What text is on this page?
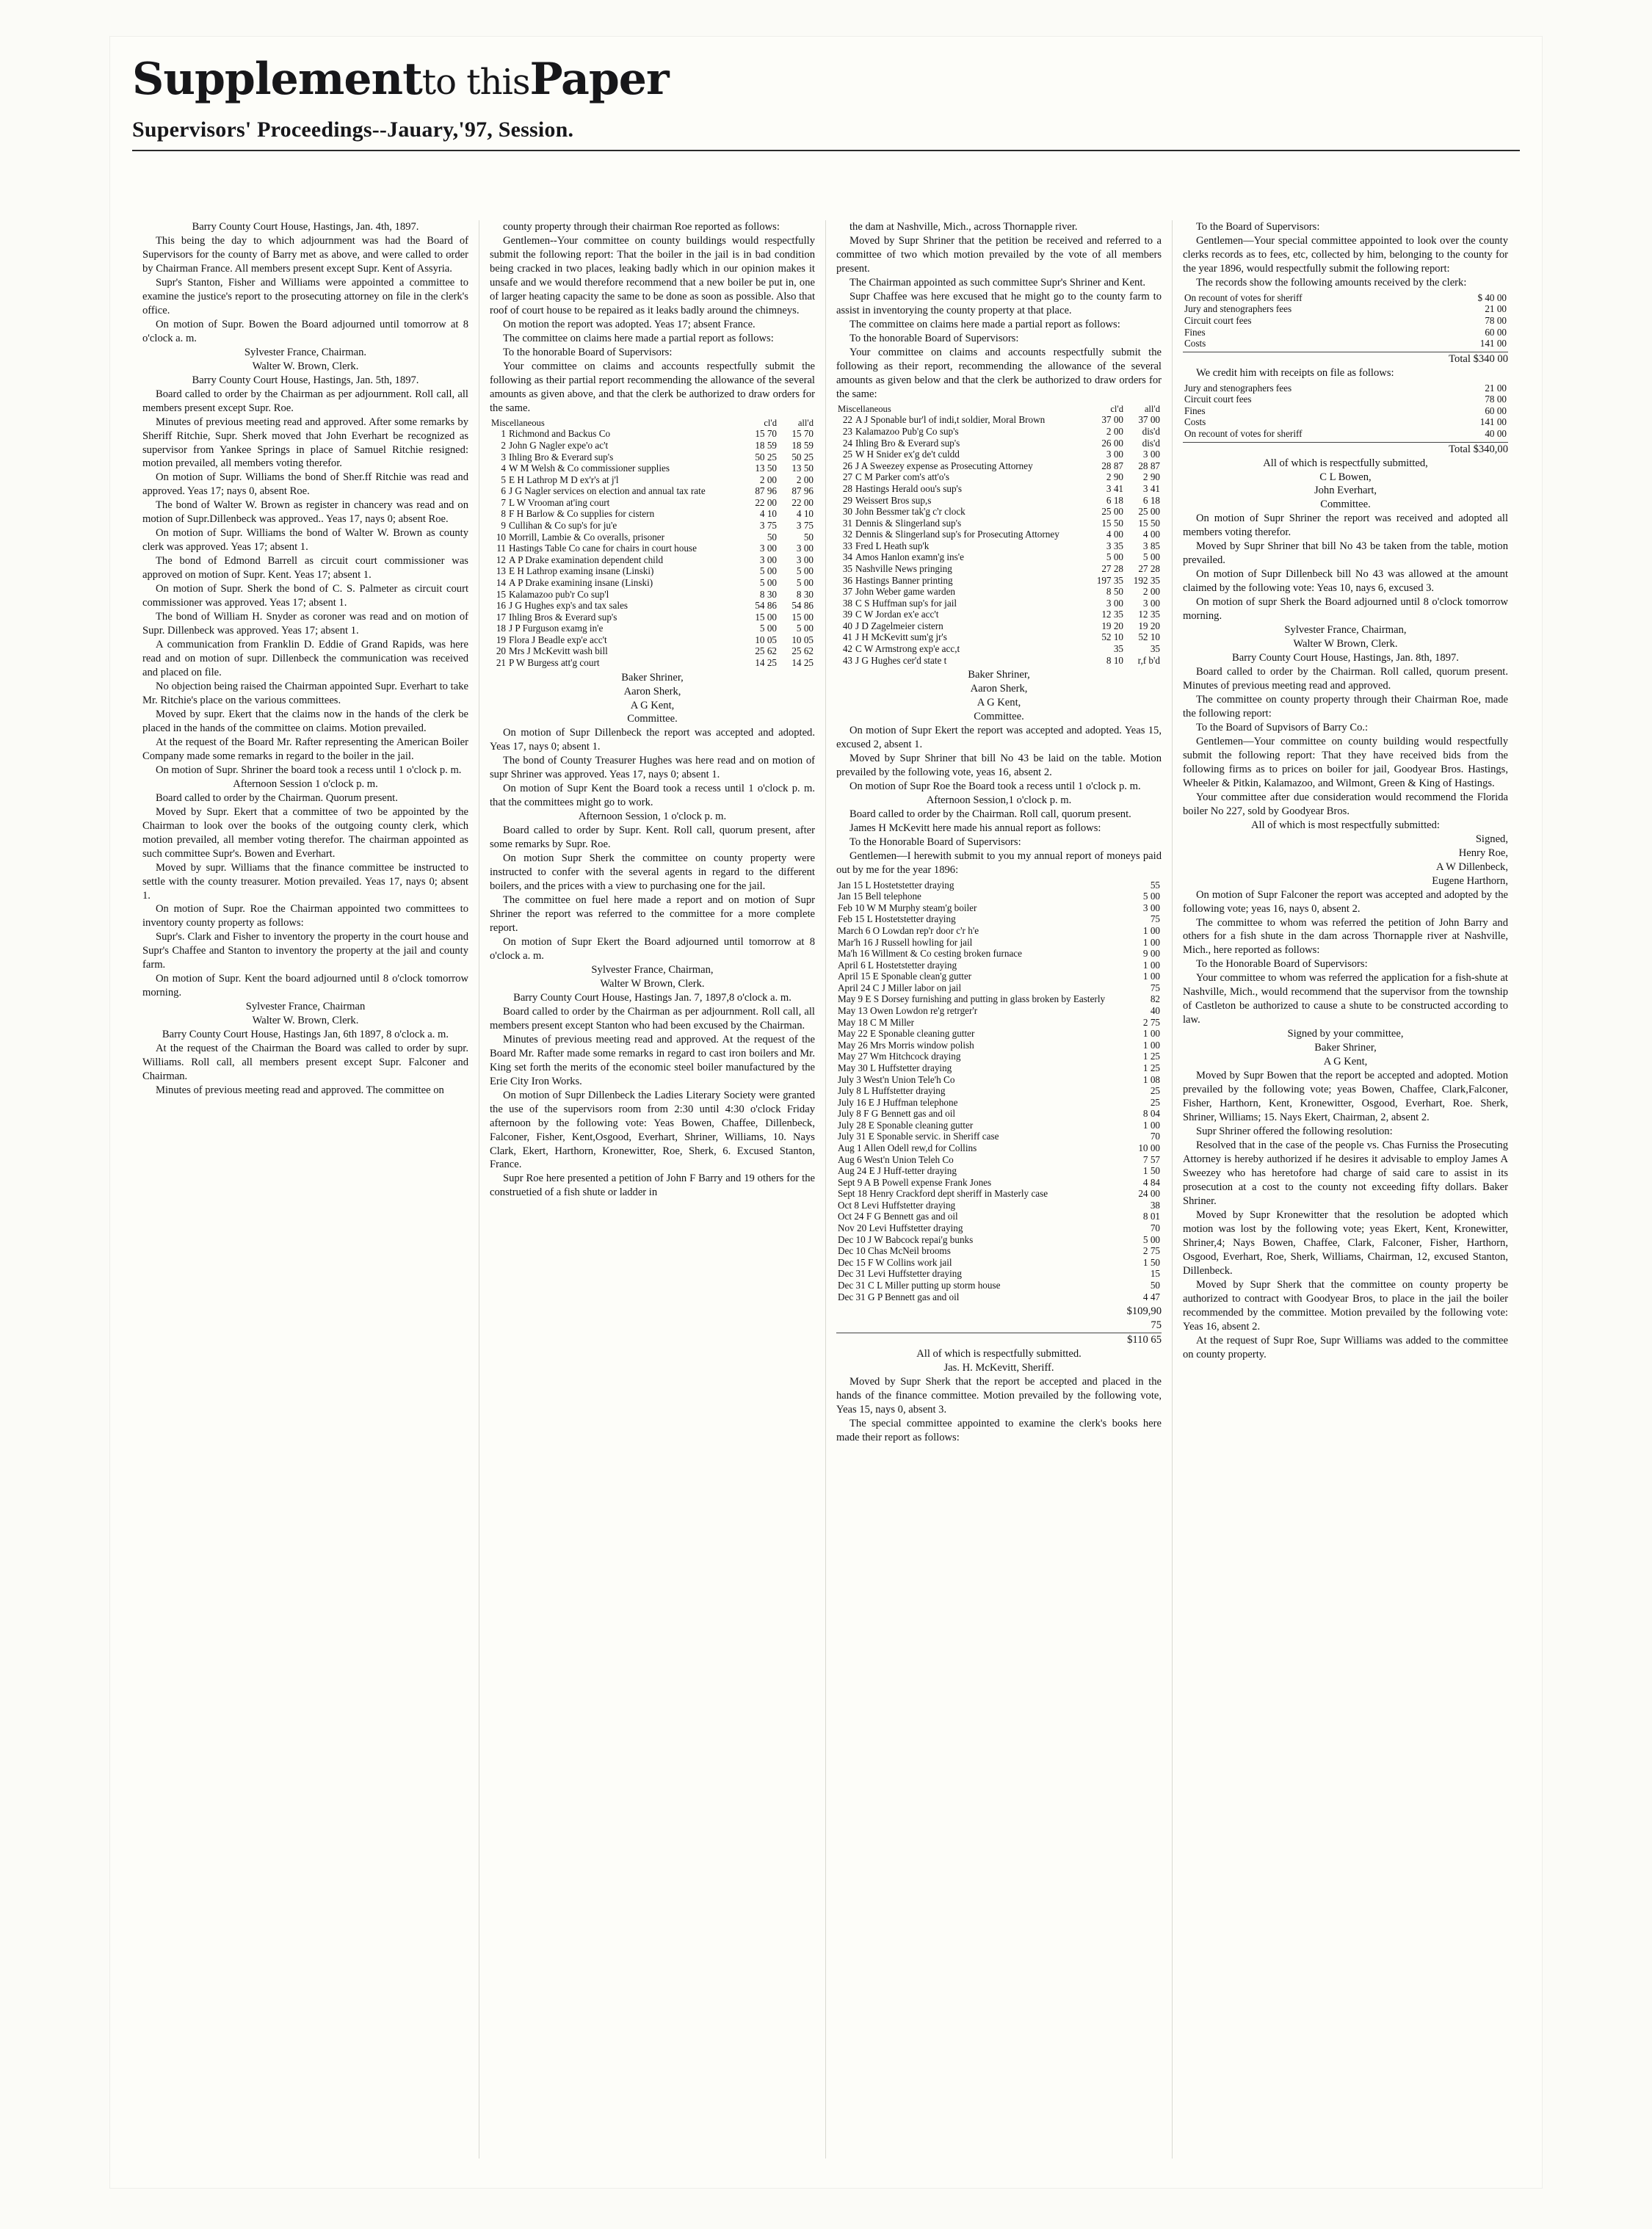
Supplementto thisPaper
Supervisors' Proceedings--Jauary,'97, Session.

Barry County Court House, Hastings, Jan. 4th, 1897.

This being the day to which adjournment was had the Board of Supervisors for the county of Barry met as above, and were called to order by Chairman France. All members present except Supr. Kent of Assyria.

Supr's Stanton, Fisher and Williams were appointed a committee to examine the justice's report to the prosecuting attorney on file in the clerk's office.

On motion of Supr. Bowen the Board adjourned until tomorrow at 8 o'clock a. m.

Sylvester France, Chairman.

Walter W. Brown, Clerk.

Barry County Court House, Hastings, Jan. 5th, 1897.

Board called to order by the Chairman as per adjournment. Roll call, all members present except Supr. Roe.

Minutes of previous meeting read and approved. After some remarks by Sheriff Ritchie, Supr. Sherk moved that John Everhart be recognized as supervisor from Yankee Springs in place of Samuel Ritchie resigned: motion prevailed, all members voting therefor.

On motion of Supr. Williams the bond of Sher.ff Ritchie was read and approved. Yeas 17; nays 0, absent Roe.

The bond of Walter W. Brown as register in chancery was read and on motion of Supr.Dillenbeck was approved.. Yeas 17, nays 0; absent Roe.

On motion of Supr. Williams the bond of Walter W. Brown as county clerk was approved. Yeas 17; absent 1.

The bond of Edmond Barrell as circuit court commissioner was approved on motion of Supr. Kent. Yeas 17; absent 1.

On motion of Supr. Sherk the bond of C. S. Palmeter as circuit court commissioner was approved. Yeas 17; absent 1.

The bond of William H. Snyder as coroner was read and on motion of Supr. Dillenbeck was approved. Yeas 17; absent 1.

A communication from Franklin D. Eddie of Grand Rapids, was here read and on motion of supr. Dillenbeck the communication was received and placed on file.

No objection being raised the Chairman appointed Supr. Everhart to take Mr. Ritchie's place on the various committees.

Moved by supr. Ekert that the claims now in the hands of the clerk be placed in the hands of the committee on claims. Motion prevailed.

At the request of the Board Mr. Rafter representing the American Boiler Company made some remarks in regard to the boiler in the jail.

On motion of Supr. Shriner the board took a recess until 1 o'clock p. m.

Afternoon Session 1 o'clock p. m.

Board called to order by the Chairman. Quorum present.

Moved by Supr. Ekert that a committee of two be appointed by the Chairman to look over the books of the outgoing county clerk, which motion prevailed, all member voting therefor. The chairman appointed as such committee Supr's. Bowen and Everhart.

Moved by supr. Williams that the finance committee be instructed to settle with the county treasurer. Motion prevailed. Yeas 17, nays 0; absent 1.

On motion of Supr. Roe the Chairman appointed two committees to inventory county property as follows:

Supr's. Clark and Fisher to inventory the property in the court house and Supr's Chaffee and Stanton to inventory the property at the jail and county farm.

On motion of Supr. Kent the board adjourned until 8 o'clock tomorrow morning.

Sylvester France, Chairman

Walter W. Brown, Clerk.

Barry County Court House, Hastings Jan, 6th 1897, 8 o'clock a. m.

At the request of the Chairman the Board was called to order by supr. Williams. Roll call, all members present except Supr. Falconer and Chairman.

Minutes of previous meeting read and approved. The committee on

county property through their chairman Roe reported as follows:

Gentlemen--Your committee on county buildings would respectfully submit the following report: That the boiler in the jail is in bad condition being cracked in two places, leaking badly which in our opinion makes it unsafe and we would therefore recommend that a new boiler be put in, one of larger heating capacity the same to be done as soon as possible. Also that roof of court house to be repaired as it leaks badly around the chimneys.

On motion the report was adopted. Yeas 17; absent France.

The committee on claims here made a partial report as follows:

To the honorable Board of Supervisors:

Your committee on claims and accounts respectfully submit the following as their partial report recommending the allowance of the several amounts as given above, and that the clerk be authorized to draw orders for the same.

Miscellaneous		cl'd	all'd
1	Richmond and Backus Co	15 70	15 70
2	John G Nagler expe'o ac't	18 59	18 59
3	Ihling Bro & Everard sup's	50 25	50 25
4	W M Welsh & Co commissioner supplies	13 50	13 50
5	E H Lathrop M D ex'r's at j'l	2 00	2 00
6	J G Nagler services on election and annual tax rate	87 96	87 96
7	L W Vrooman at'ing court	22 00	22 00
8	F H Barlow & Co supplies for cistern	4 10	4 10
9	Cullihan & Co sup's for ju'e	3 75	3 75
10	Morrill, Lambie & Co overalls, prisoner	50	50
11	Hastings Table Co cane for chairs in court house	3 00	3 00
12	A P Drake examination dependent child	3 00	3 00
13	E H Lathrop examing insane (Linski)	5 00	5 00
14	A P Drake examining insane (Linski)	5 00	5 00
15	Kalamazoo pub'r Co sup'l	8 30	8 30
16	J G Hughes exp's and tax sales	54 86	54 86
17	Ihling Bros & Everard sup's	15 00	15 00
18	J P Furguson examg in'e	5 00	5 00
19	Flora J Beadle exp'e acc't	10 05	10 05
20	Mrs J McKevitt wash bill	25 62	25 62
21	P W Burgess att'g court	14 25	14 25

Baker Shriner,

Aaron Sherk,

A G Kent,

Committee.

On motion of Supr Dillenbeck the report was accepted and adopted. Yeas 17, nays 0; absent 1.

The bond of County Treasurer Hughes was here read and on motion of supr Shriner was approved. Yeas 17, nays 0; absent 1.

On motion of Supr Kent the Board took a recess until 1 o'clock p. m. that the committees might go to work.

Afternoon Session, 1 o'clock p. m.

Board called to order by Supr. Kent. Roll call, quorum present, after some remarks by Supr. Roe.

On motion Supr Sherk the committee on county property were instructed to confer with the several agents in regard to the different boilers, and the prices with a view to purchasing one for the jail.

The committee on fuel here made a report and on motion of Supr Shriner the report was referred to the committee for a more complete report.

On motion of Supr Ekert the Board adjourned until tomorrow at 8 o'clock a. m.

Sylvester France, Chairman,

Walter W Brown, Clerk.

Barry County Court House, Hastings Jan. 7, 1897,8 o'clock a. m.

Board called to order by the Chairman as per adjournment. Roll call, all members present except Stanton who had been excused by the Chairman.

Minutes of previous meeting read and approved. At the request of the Board Mr. Rafter made some remarks in regard to cast iron boilers and Mr. King set forth the merits of the economic steel boiler manufactured by the Erie City Iron Works.

On motion of Supr Dillenbeck the Ladies Literary Society were granted the use of the supervisors room from 2:30 until 4:30 o'clock Friday afternoon by the following vote: Yeas Bowen, Chaffee, Dillenbeck, Falconer, Fisher, Kent,Osgood, Everhart, Shriner, Williams, 10. Nays Clark, Ekert, Harthorn, Kronewitter, Roe, Sherk, 6. Excused Stanton, France.

Supr Roe here presented a petition of John F Barry and 19 others for the construetied of a fish shute or ladder in

the dam at Nashville, Mich., across Thornapple river.

Moved by Supr Shriner that the petition be received and referred to a committee of two which motion prevailed by the vote of all members present.

The Chairman appointed as such committee Supr's Shriner and Kent.

Supr Chaffee was here excused that he might go to the county farm to assist in inventorying the county property at that place.

The committee on claims here made a partial report as follows:

To the honorable Board of Supervisors:

Your committee on claims and accounts respectfully submit the following as their report, recommending the allowance of the several amounts as given below and that the clerk be authorized to draw orders for the same:

Miscellaneous		cl'd	all'd
22	A J Sponable bur'l of indi,t soldier, Moral Brown	37 00	37 00
23	Kalamazoo Pub'g Co sup's	2 00	dis'd
24	Ihling Bro & Everard sup's	26 00	dis'd
25	W H Snider ex'g de't culdd	3 00	3 00
26	J A Sweezey expense as Prosecuting Attorney	28 87	28 87
27	C M Parker com's att'o's	2 90	2 90
28	Hastings Herald oou's sup's	3 41	3 41
29	Weissert Bros sup,s	6 18	6 18
30	John Bessmer tak'g c'r clock	25 00	25 00
31	Dennis & Slingerland sup's	15 50	15 50
32	Dennis & Slingerland sup's for Prosecuting Attorney	4 00	4 00
33	Fred L Heath sup'k	3 35	3 85
34	Amos Hanlon examn'g ins'e	5 00	5 00
35	Nashville News pringing	27 28	27 28
36	Hastings Banner printing	197 35	192 35
37	John Weber game warden	8 50	2 00
38	C S Huffman sup's for jail	3 00	3 00
39	C W Jordan ex'e acc't	12 35	12 35
40	J D Zagelmeier cistern	19 20	19 20
41	J H McKevitt sum'g jr's	52 10	52 10
42	C W Armstrong exp'e acc,t	35	35
43	J G Hughes cer'd state t	8 10	r,f b'd

Baker Shriner,

Aaron Sherk,

A G Kent,

Committee.

On motion of Supr Ekert the report was accepted and adopted. Yeas 15, excused 2, absent 1.

Moved by Supr Shriner that bill No 43 be laid on the table. Motion prevailed by the following vote, yeas 16, absent 2.

On motion of Supr Roe the Board took a recess until 1 o'clock p. m.

Afternoon Session,1 o'clock p. m.

Board called to order by the Chairman. Roll call, quorum present.

James H McKevitt here made his annual report as follows:

To the Honorable Board of Supervisors:

Gentlemen—I herewith submit to you my annual report of moneys paid out by me for the year 1896:

Jan 15 L Hostetstetter draying	55
Jan 15 Bell telephone	5 00
Feb 10 W M Murphy steam'g boiler	3 00
Feb 15 L Hostetstetter draying	75
March 6 O Lowdan rep'r door c'r h'e	1 00
Mar'h 16 J Russell howling for jail	1 00
Ma'h 16 Willment & Co cesting broken furnace	9 00
April 6 L Hostetstetter draying	1 00
April 15 E Sponable clean'g gutter	1 00
April 24 C J Miller labor on jail	75
May 9 E S Dorsey furnishing and putting in glass broken by Easterly	82
May 13 Owen Lowdon re'g retrger'r	40
May 18 C M Miller	2 75
May 22 E Sponable cleaning gutter	1 00
May 26 Mrs Morris window polish	1 00
May 27 Wm Hitchcock draying	1 25
May 30 L Huffstetter draying	1 25
July 3 West'n Union Tele'h Co	1 08
July 8 L Huffstetter draying	25
July 16 E J Huffman telephone	25
July 8 F G Bennett gas and oil	8 04
July 28 E Sponable cleaning gutter	1 00
July 31 E Sponable servic. in Sheriff case	70
Aug 1 Allen Odell rew,d for Collins	10 00
Aug 6 West'n Union Teleh Co	7 57
Aug 24 E J Huff-tetter draying	1 50
Sept 9 A B Powell expense Frank Jones	4 84
Sept 18 Henry Crackford dept sheriff in Masterly case	24 00
Oct 8 Levi Huffstetter draying	38
Oct 24 F G Bennett gas and oil	8 01
Nov 20 Levi Huffstetter draying	70
Dec 10 J W Babcock repai'g bunks	5 00
Dec 10 Chas McNeil brooms	2 75
Dec 15 F W Collins work jail	1 50
Dec 31 Levi Huffstetter draying	15
Dec 31 C L Miller putting up storm house	50
Dec 31 G P Bennett gas and oil	4 47

$109,90

75

$110 65

All of which is respectfully submitted.

Jas. H. McKevitt, Sheriff.

Moved by Supr Sherk that the report be accepted and placed in the hands of the finance committee. Motion prevailed by the following vote, Yeas 15, nays 0, absent 3.

The special committee appointed to examine the clerk's books here made their report as follows:

To the Board of Supervisors:

Gentlemen—Your special committee appointed to look over the county clerks records as to fees, etc, collected by him, belonging to the county for the year 1896, would respectfully submit the following report:

The records show the following amounts received by the clerk:

On recount of votes for sheriff	$ 40 00
Jury and stenographers fees	21 00
Circuit court fees	78 00
Fines	60 00
Costs	141 00

Total $340 00

We credit him with receipts on file as follows:

Jury and stenographers fees	21 00
Circuit court fees	78 00
Fines	60 00
Costs	141 00
On recount of votes for sheriff	40 00

Total $340,00

All of which is respectfully submitted,

C L Bowen,

John Everhart,

Committee.

On motion of Supr Shriner the report was received and adopted all members voting therefor.

Moved by Supr Shriner that bill No 43 be taken from the table, motion prevailed.

On motion of Supr Dillenbeck bill No 43 was allowed at the amount claimed by the following vote: Yeas 10, nays 6, excused 3.

On motion of supr Sherk the Board adjourned until 8 o'clock tomorrow morning.

Sylvester France, Chairman,

Walter W Brown, Clerk.

Barry County Court House, Hastings, Jan. 8th, 1897.

Board called to order by the Chairman. Roll called, quorum present. Minutes of previous meeting read and approved.

The committee on county property through their Chairman Roe, made the following report:

To the Board of Supvisors of Barry Co.:

Gentlemen—Your committee on county building would respectfully submit the following report: That they have received bids from the following firms as to prices on boiler for jail, Goodyear Bros. Hastings, Wheeler & Pitkin, Kalamazoo, and Wilmont, Green & King of Hastings.

Your committee after due consideration would recommend the Florida boiler No 227, sold by Goodyear Bros.

All of which is most respectfully submitted:

Signed,

Henry Roe,

A W Dillenbeck,

Eugene Harthorn,

On motion of Supr Falconer the report was accepted and adopted by the following vote; yeas 16, nays 0, absent 2.

The committee to whom was referred the petition of John Barry and others for a fish shute in the dam across Thornapple river at Nashville, Mich., here reported as follows:

To the Honorable Board of Supervisors:

Your committee to whom was referred the application for a fish-shute at Nashville, Mich., would recommend that the supervisor from the township of Castleton be authorized to cause a shute to be constructed according to law.

Signed by your committee,

Baker Shriner,

A G Kent,

Moved by Supr Bowen that the report be accepted and adopted. Motion prevailed by the following vote; yeas Bowen, Chaffee, Clark,Falconer, Fisher, Harthorn, Kent, Kronewitter, Osgood, Everhart, Roe. Sherk, Shriner, Williams; 15. Nays Ekert, Chairman, 2, absent 2.

Supr Shriner offered the following resolution:

Resolved that in the case of the people vs. Chas Furniss the Prosecuting Attorney is hereby authorized if he desires it advisable to employ James A Sweezey who has heretofore had charge of said care to assist in its prosecution at a cost to the county not exceeding fifty dollars. Baker Shriner.

Moved by Supr Kronewitter that the resolution be adopted which motion was lost by the following vote; yeas Ekert, Kent, Kronewitter, Shriner,4; Nays Bowen, Chaffee, Clark, Falconer, Fisher, Harthorn, Osgood, Everhart, Roe, Sherk, Williams, Chairman, 12, excused Stanton, Dillenbeck.

Moved by Supr Sherk that the committee on county property be authorized to contract with Goodyear Bros, to place in the jail the boiler recommended by the committee. Motion prevailed by the following vote: Yeas 16, absent 2.

At the request of Supr Roe, Supr Williams was added to the committee on county property.
